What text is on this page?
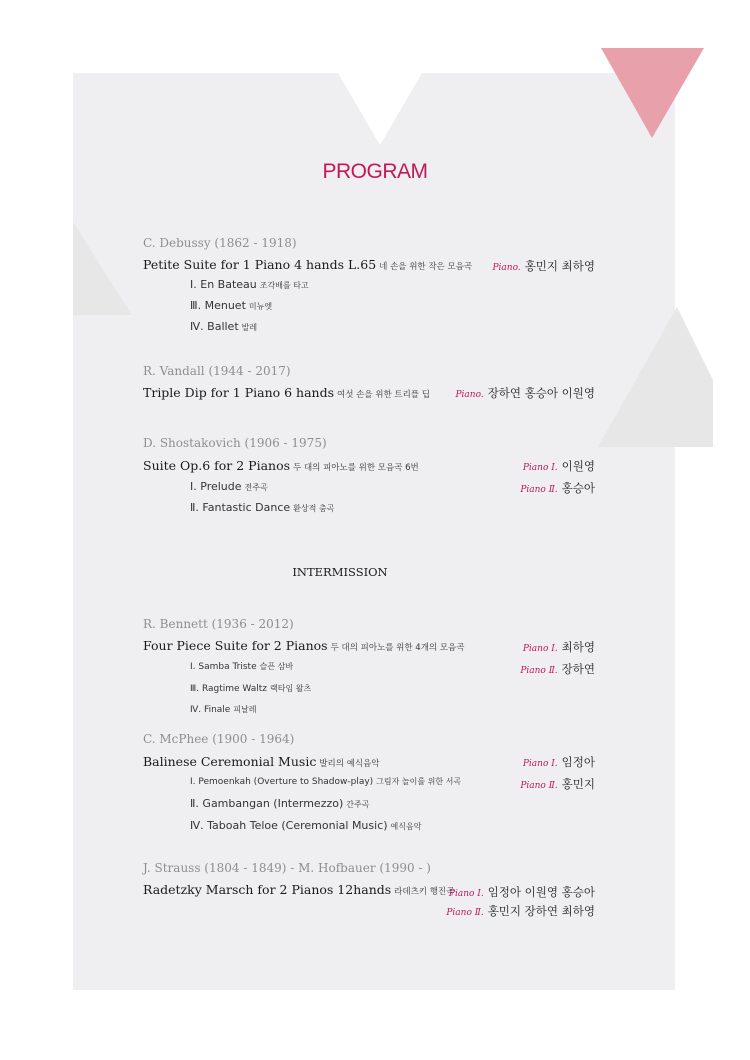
PROGRAM
C. Debussy (1862 - 1918)
Petite Suite for 1 Piano 4 hands L.65 네 손을 위한 작은 모음곡 Piano. 홍민지 최하영
Ⅰ. En Bateau 조각배를 타고
Ⅲ. Menuet 미뉴엣
Ⅳ. Ballet 발레
R. Vandall (1944 - 2017)
Triple Dip for 1 Piano 6 hands 여섯 손을 위한 트리플 딥	Piano. 장하연 홍승아 이원영
D. Shostakovich (1906 - 1975)
Suite Op.6 for 2 Pianos 두 대의 피아노를 위한 모음곡 6번	Piano Ⅰ. 이원영
Piano Ⅱ. 홍승아
Ⅰ. Prelude 전주곡
Ⅱ. Fantastic Dance 환상적 춤곡
INTERMISSION
R. Bennett (1936 - 2012)
Four Piece Suite for 2 Pianos 두 대의 피아노를 위한 4개의 모음곡	Piano Ⅰ. 최하영
Piano Ⅱ. 장하연
Ⅰ. Samba Triste 슬픈 삼바
Ⅲ. Ragtime Waltz 랙타임 왈츠
Ⅳ. Finale 피날레
C. McPhee (1900 - 1964)
Balinese Ceremonial Music 발리의 예식음악	Piano Ⅰ. 임정아
Piano Ⅱ. 홍민지
Ⅰ. Pemoenkah (Overture to Shadow-play) 그림자 놀이를 위한 서곡
Ⅱ. Gambangan (Intermezzo) 간주곡
Ⅳ. Taboah Teloe (Ceremonial Music) 예식음악
J. Strauss (1804 - 1849) - M. Hofbauer (1990 - )
Radetzky Marsch for 2 Pianos 12hands 라데츠키 행진곡
Piano Ⅰ. 임정아 이원영 홍승아
Piano Ⅱ. 홍민지 장하연 최하영
